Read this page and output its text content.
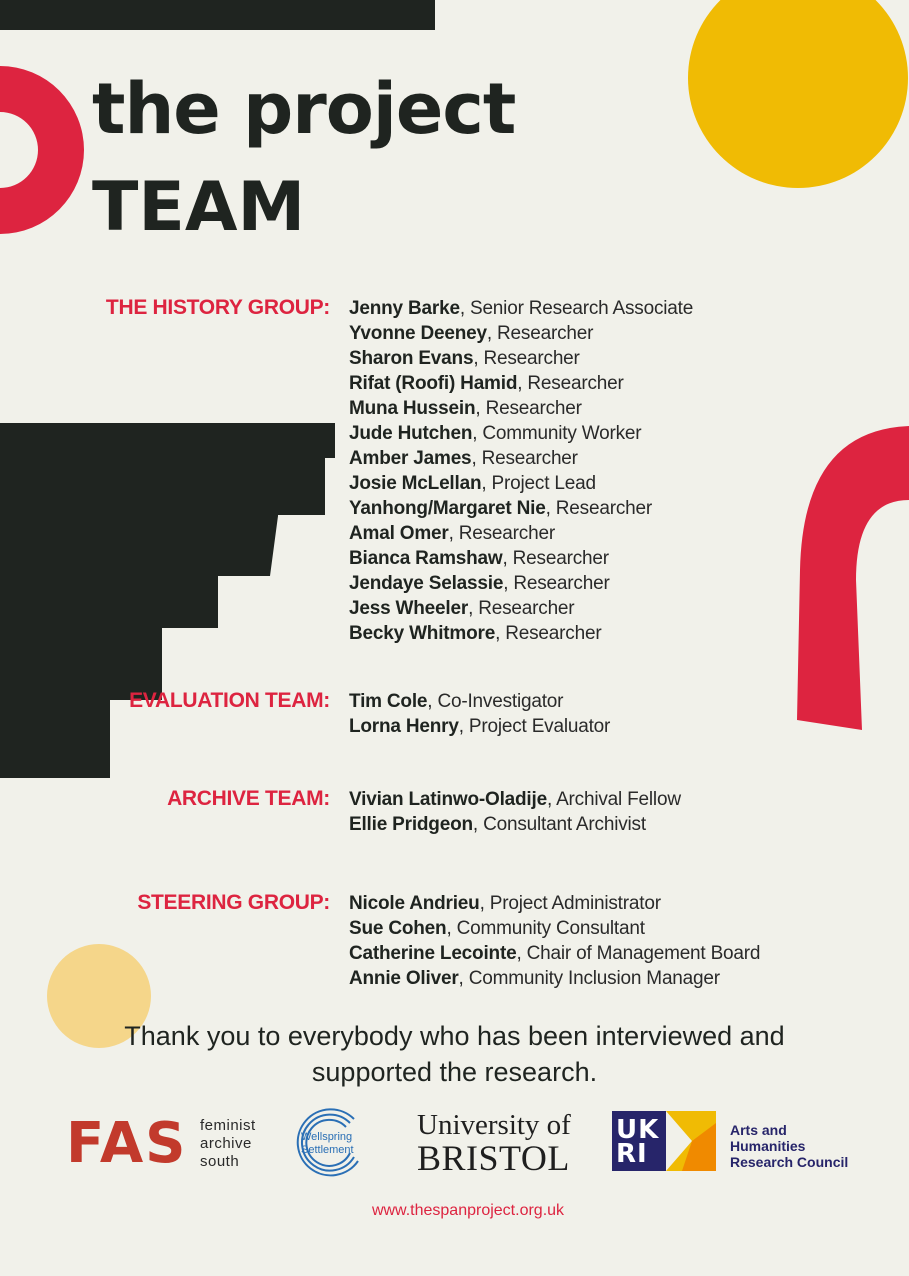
the project
TEAM
THE HISTORY GROUP: Jenny Barke, Senior Research Associate
Yvonne Deeney, Researcher
Sharon Evans, Researcher
Rifat (Roofi) Hamid, Researcher
Muna Hussein, Researcher
Jude Hutchen, Community Worker
Amber James, Researcher
Josie McLellan, Project Lead
Yanhong/Margaret Nie, Researcher
Amal Omer, Researcher
Bianca Ramshaw, Researcher
Jendaye Selassie, Researcher
Jess Wheeler, Researcher
Becky Whitmore, Researcher
EVALUATION TEAM: Tim Cole, Co-Investigator
Lorna Henry, Project Evaluator
ARCHIVE TEAM: Vivian Latinwo-Oladije, Archival Fellow
Ellie Pridgeon, Consultant Archivist
STEERING GROUP: Nicole Andrieu, Project Administrator
Sue Cohen, Community Consultant
Catherine Lecointe, Chair of Management Board
Annie Oliver, Community Inclusion Manager
Thank you to everybody who has been interviewed and
supported the research.
FAS feminist
archive
south
Wellspring
Settlement
University of
BRISTOL
UK
RI
Arts and
Humanities
Research Council
www.thespanproject.org.uk
